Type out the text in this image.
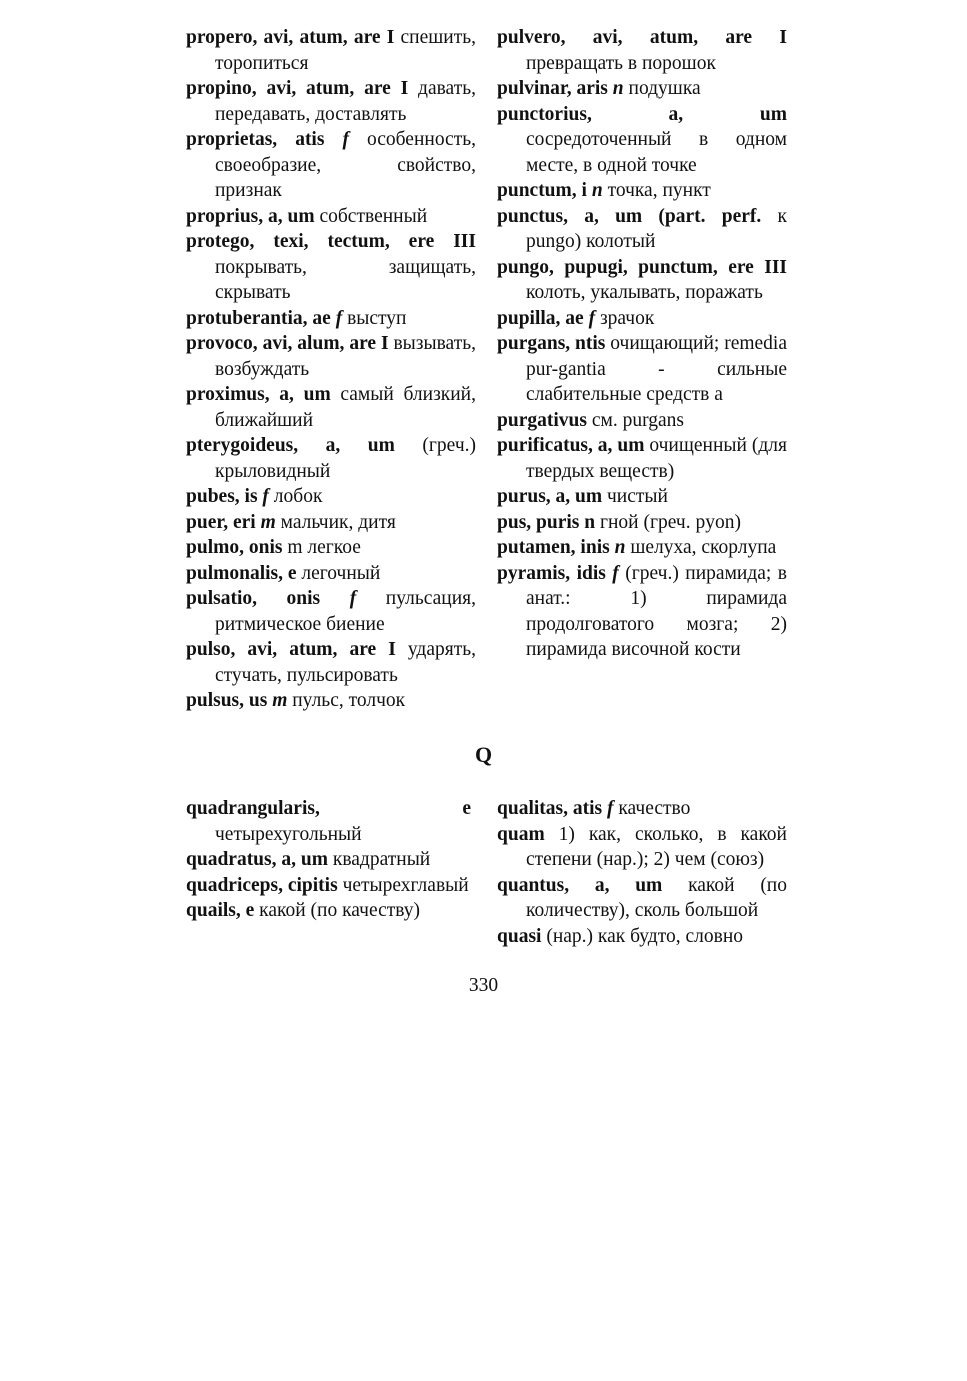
propero, avi, atum, are I спешить, торопиться

propino, avi, atum, are I давать, передавать, доставлять

proprietas, atis f особенность, своеобразие, свойство, признак

proprius, a, um собственный

protego, texi, tectum, ere III покрывать, защищать, скрывать

protuberantia, ae f выступ

provoco, avi, alum, are I вызывать, возбуждать

proximus, a, um самый близкий, ближайший

pterygoideus, a, um (греч.) крыловидный

pubes, is f лобок

puer, eri m мальчик, дитя

pulmo, onis m легкое

pulmonalis, e легочный

pulsatio, onis f пульсация, ритмическое биение

pulso, avi, atum, are I ударять, стучать, пульсировать

pulsus, us m пульс, толчок

pulvero, avi, atum, are I превращать в порошок

pulvinar, aris n подушка

punctorius, a, um сосредоточенный в одном месте, в одной точке

punctum, i n точка, пункт

punctus, a, um (part. perf. к pungo) колотый

pungo, pupugi, punctum, ere III колоть, укалывать, поражать

pupilla, ae f зрачок

purgans, ntis очищающий; remedia pur-gantia - сильные слабительные средств а

purgativus см. purgans

purificatus, a, um очищенный (для твердых веществ)

purus, a, um чистый

pus, puris n гной (греч. pyon)

putamen, inis n шелуха, скорлупа

pyramis, idis f (греч.) пирамида; в анат.: 1) пирамида продолговатого мозга; 2) пирамида височной кости

Q

quadrangularis, e четырехугольный

quadratus, a, um квадратный

quadriceps, cipitis четырехглавый

quails, e какой (по качеству)

qualitas, atis f качество

quam 1) как, сколько, в какой степени (нар.); 2) чем (союз)

quantus, a, um какой (по количеству), сколь большой

quasi (нар.) как будто, словно

330
